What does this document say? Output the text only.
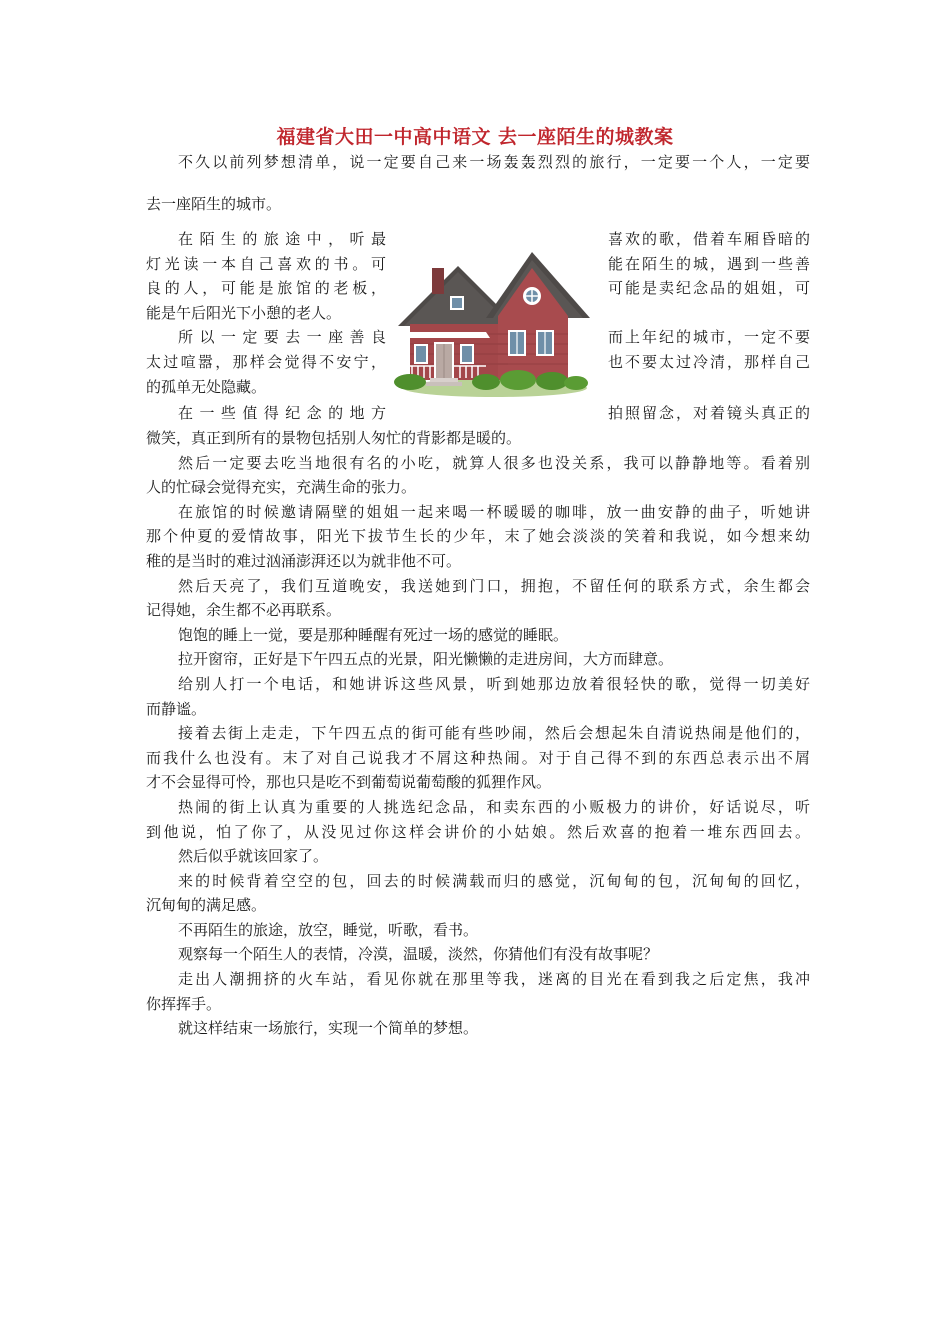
福建省大田一中高中语文 去一座陌生的城教案
不久以前列梦想清单，说一定要自己来一场轰轰烈烈的旅行，一定要一个人，一定要
去一座陌生的城市。
在陌生的旅途中，听最	喜欢的歌，借着车厢昏暗的
灯光读一本自己喜欢的书。可	能在陌生的城，遇到一些善
良的人，可能是旅馆的老板，	可能是卖纪念品的姐姐，可
能是午后阳光下小憩的老人。
所以一定要去一座善良	而上年纪的城市，一定不要
太过喧嚣，那样会觉得不安宁，	也不要太过冷清，那样自己
的孤单无处隐藏。
在一些值得纪念的地方	拍照留念，对着镜头真正的
微笑，真正到所有的景物包括别人匆忙的背影都是暖的。
然后一定要去吃当地很有名的小吃，就算人很多也没关系，我可以静静地等。看着别
人的忙碌会觉得充实，充满生命的张力。
在旅馆的时候邀请隔壁的姐姐一起来喝一杯暖暖的咖啡，放一曲安静的曲子，听她讲
那个仲夏的爱情故事，阳光下拔节生长的少年，末了她会淡淡的笑着和我说，如今想来幼
稚的是当时的难过汹涌澎湃还以为就非他不可。
然后天亮了，我们互道晚安，我送她到门口，拥抱，不留任何的联系方式，余生都会
记得她，余生都不必再联系。
饱饱的睡上一觉，要是那种睡醒有死过一场的感觉的睡眠。
拉开窗帘，正好是下午四五点的光景，阳光懒懒的走进房间，大方而肆意。
给别人打一个电话，和她讲诉这些风景，听到她那边放着很轻快的歌，觉得一切美好
而静谧。
接着去街上走走，下午四五点的街可能有些吵闹，然后会想起朱自清说热闹是他们的，
而我什么也没有。末了对自己说我才不屑这种热闹。对于自己得不到的东西总表示出不屑
才不会显得可怜，那也只是吃不到葡萄说葡萄酸的狐狸作风。
热闹的街上认真为重要的人挑选纪念品，和卖东西的小贩极力的讲价，好话说尽，听
到他说，怕了你了，从没见过你这样会讲价的小姑娘。然后欢喜的抱着一堆东西回去。
然后似乎就该回家了。
来的时候背着空空的包，回去的时候满载而归的感觉，沉甸甸的包，沉甸甸的回忆，
沉甸甸的满足感。
不再陌生的旅途，放空，睡觉，听歌，看书。
观察每一个陌生人的表情，冷漠，温暖，淡然，你猜他们有没有故事呢？
走出人潮拥挤的火车站，看见你就在那里等我，迷离的目光在看到我之后定焦，我冲
你挥挥手。
就这样结束一场旅行，实现一个简单的梦想。
